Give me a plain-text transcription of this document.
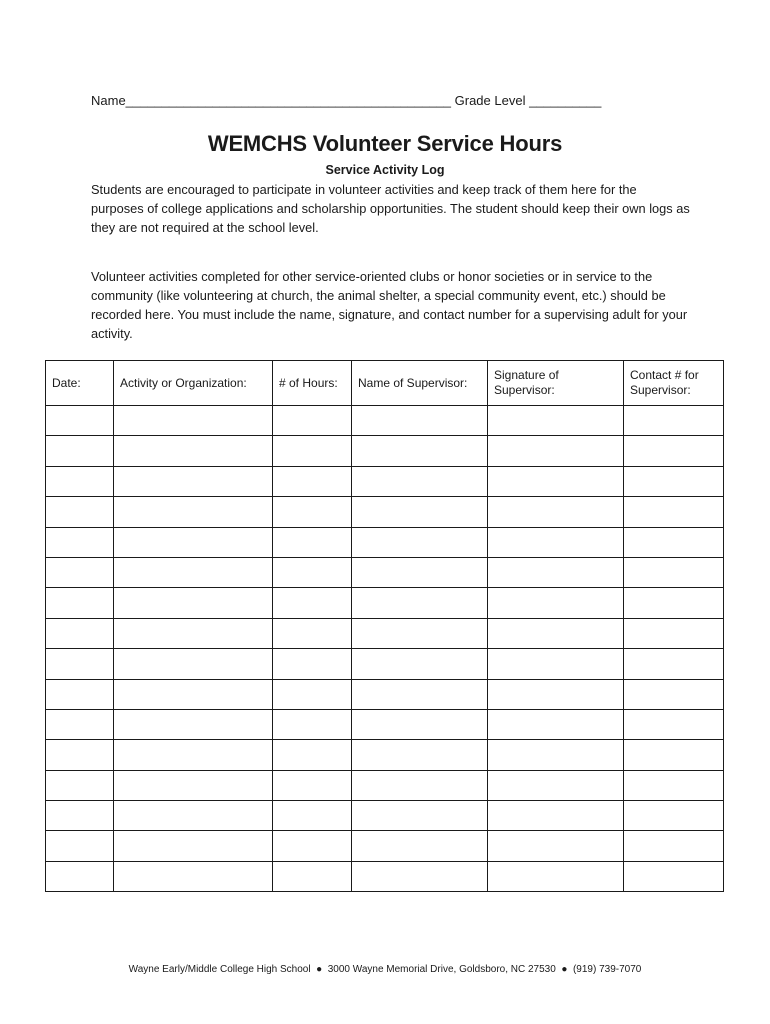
Name_____________________________________________ Grade Level __________
WEMCHS Volunteer Service Hours
Service Activity Log

Students are encouraged to participate in volunteer activities and keep track of them here for the purposes of college applications and scholarship opportunities. The student should keep their own logs as they are not required at the school level.

Volunteer activities completed for other service-oriented clubs or honor societies or in service to the community (like volunteering at church, the animal shelter, a special community event, etc.) should be recorded here. You must include the name, signature, and contact number for a supervising adult for your activity.

Date:	Activity or Organization:	# of Hours:	Name of Supervisor:	Signature of Supervisor:	Contact # for Supervisor:

Wayne Early/Middle College High School  ●  3000 Wayne Memorial Drive, Goldsboro, NC 27530  ●  (919) 739-7070
